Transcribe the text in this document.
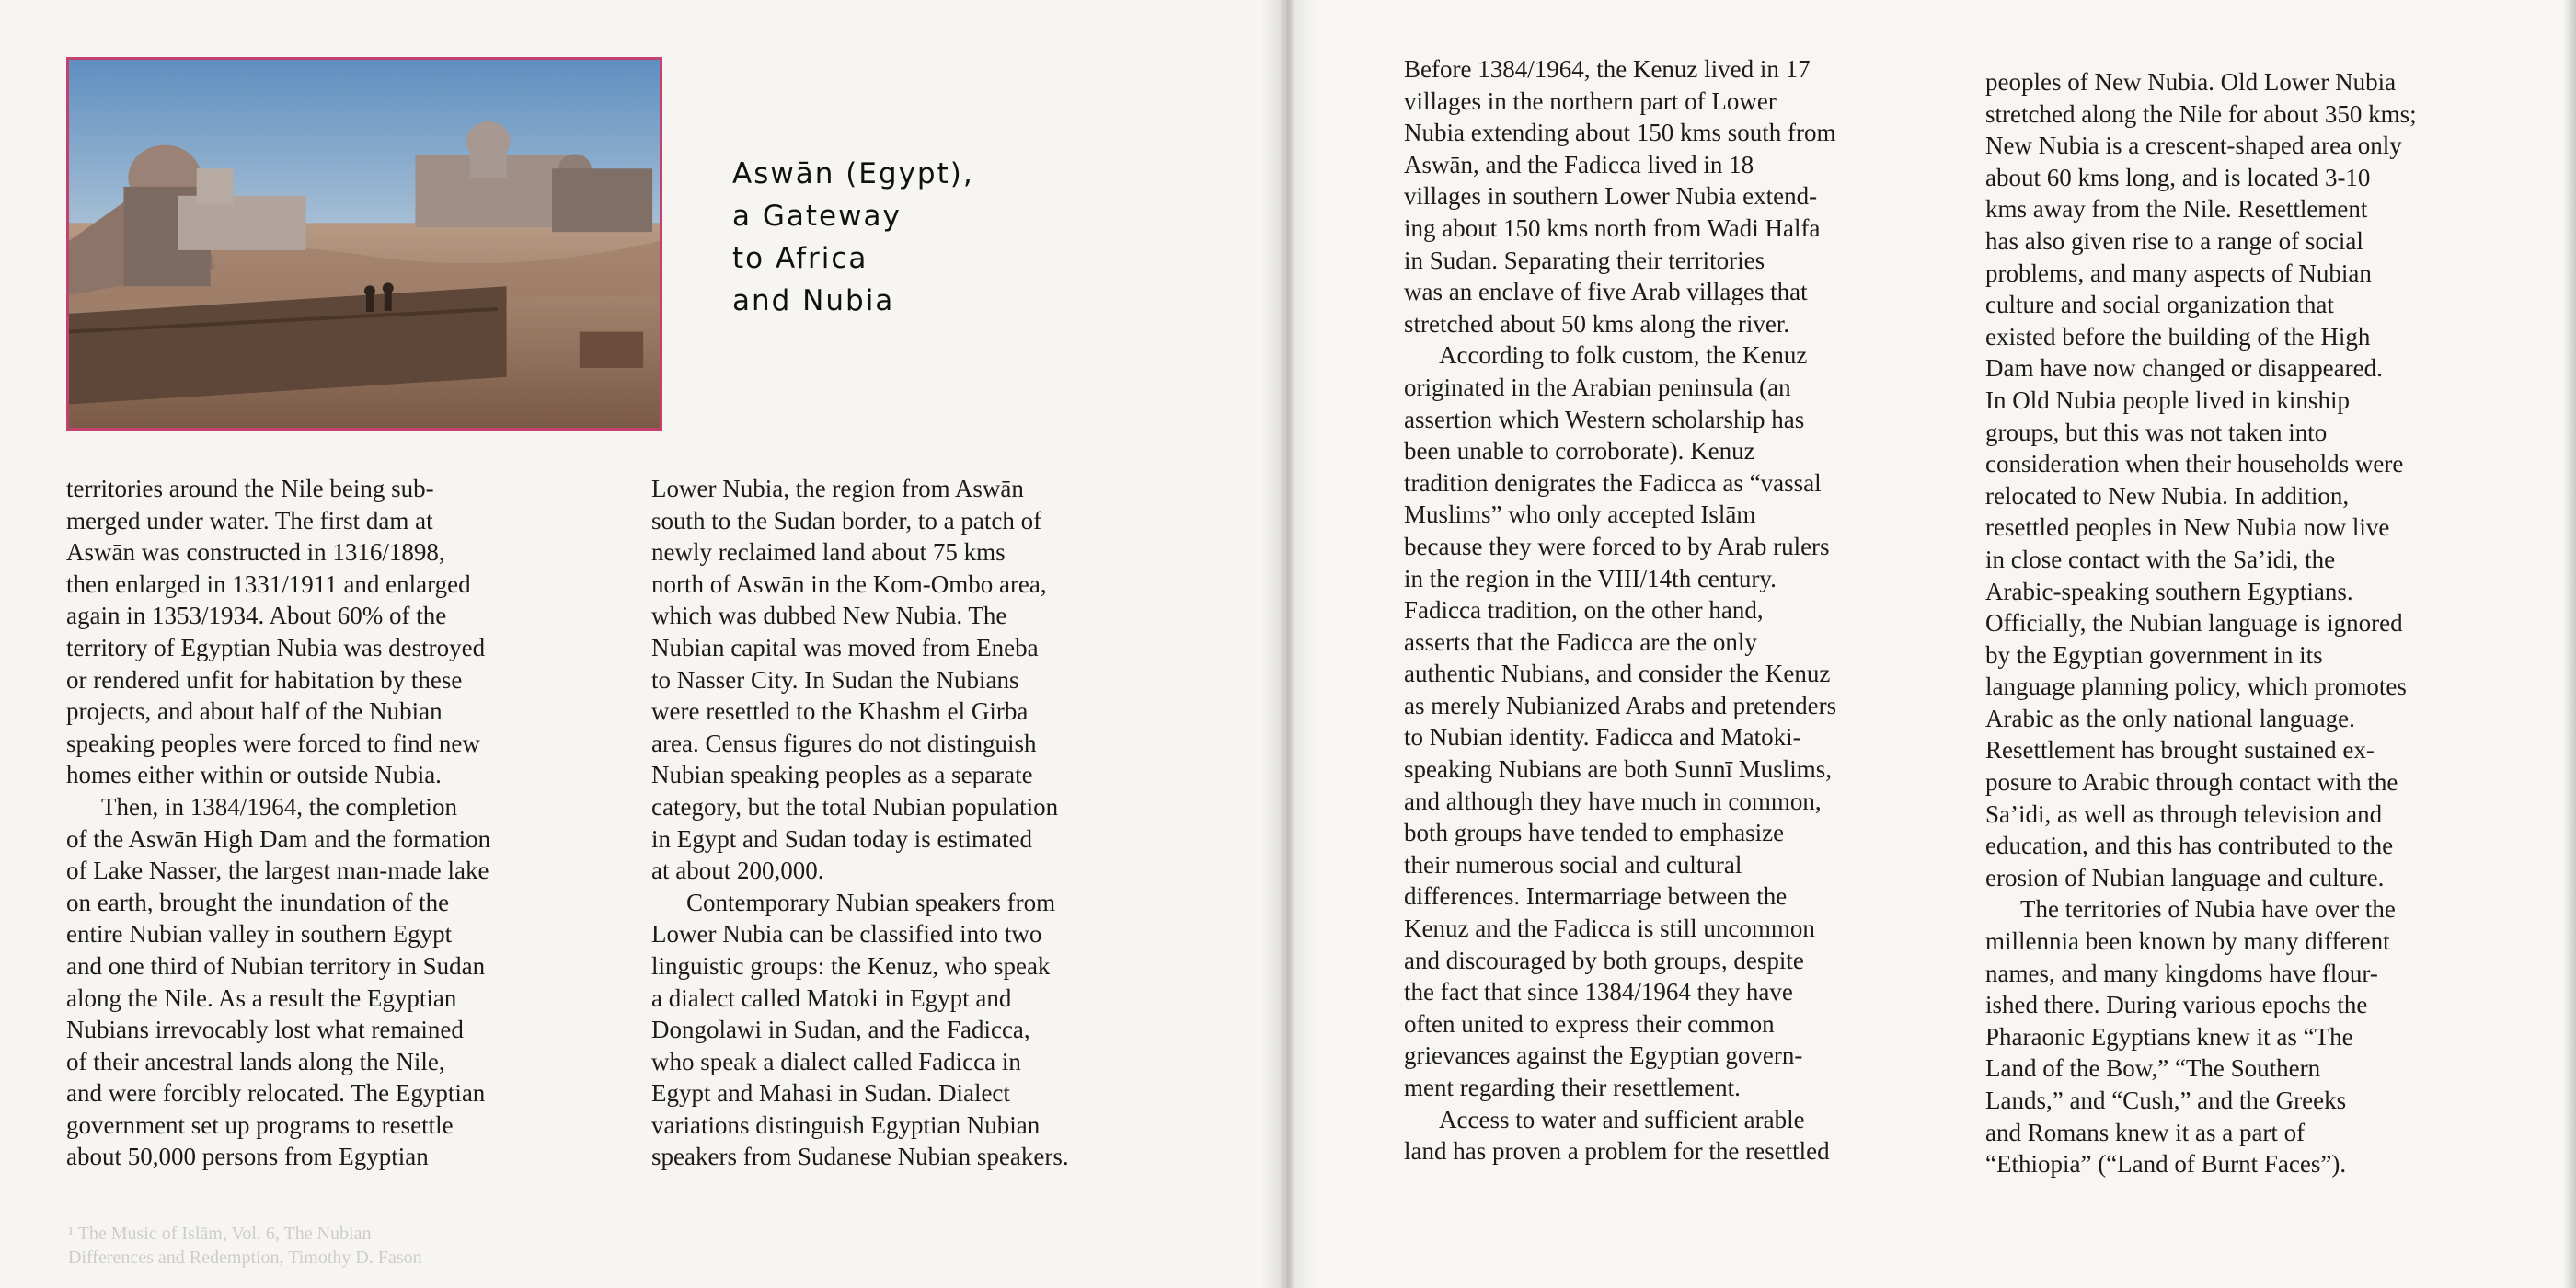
Aswān (Egypt),
a Gateway
to Africa
and Nubia
territories around the Nile being sub-
merged under water. The first dam at
Aswān was constructed in 1316/1898,
then enlarged in 1331/1911 and enlarged
again in 1353/1934. About 60% of the
territory of Egyptian Nubia was destroyed
or rendered unfit for habitation by these
projects, and about half of the Nubian
speaking peoples were forced to find new
homes either within or outside Nubia.
Then, in 1384/1964, the completion
of the Aswān High Dam and the formation
of Lake Nasser, the largest man-made lake
on earth, brought the inundation of the
entire Nubian valley in southern Egypt
and one third of Nubian territory in Sudan
along the Nile. As a result the Egyptian
Nubians irrevocably lost what remained
of their ancestral lands along the Nile,
and were forcibly relocated. The Egyptian
government set up programs to resettle
about 50,000 persons from Egyptian
Lower Nubia, the region from Aswān
south to the Sudan border, to a patch of
newly reclaimed land about 75 kms
north of Aswān in the Kom-Ombo area,
which was dubbed New Nubia. The
Nubian capital was moved from Eneba
to Nasser City. In Sudan the Nubians
were resettled to the Khashm el Girba
area. Census figures do not distinguish
Nubian speaking peoples as a separate
category, but the total Nubian population
in Egypt and Sudan today is estimated
at about 200,000.
Contemporary Nubian speakers from
Lower Nubia can be classified into two
linguistic groups: the Kenuz, who speak
a dialect called Matoki in Egypt and
Dongolawi in Sudan, and the Fadicca,
who speak a dialect called Fadicca in
Egypt and Mahasi in Sudan. Dialect
variations distinguish Egyptian Nubian
speakers from Sudanese Nubian speakers.
¹ The Music of Islām, Vol. 6, The Nubian
Differences and Redemption, Timothy D. Fason
Before 1384/1964, the Kenuz lived in 17
villages in the northern part of Lower
Nubia extending about 150 kms south from
Aswān, and the Fadicca lived in 18
villages in southern Lower Nubia extend-
ing about 150 kms north from Wadi Halfa
in Sudan. Separating their territories
was an enclave of five Arab villages that
stretched about 50 kms along the river.
According to folk custom, the Kenuz
originated in the Arabian peninsula (an
assertion which Western scholarship has
been unable to corroborate). Kenuz
tradition denigrates the Fadicca as “vassal
Muslims” who only accepted Islām
because they were forced to by Arab rulers
in the region in the VIII/14th century.
Fadicca tradition, on the other hand,
asserts that the Fadicca are the only
authentic Nubians, and consider the Kenuz
as merely Nubianized Arabs and pretenders
to Nubian identity. Fadicca and Matoki-
speaking Nubians are both Sunnī Muslims,
and although they have much in common,
both groups have tended to emphasize
their numerous social and cultural
differences. Intermarriage between the
Kenuz and the Fadicca is still uncommon
and discouraged by both groups, despite
the fact that since 1384/1964 they have
often united to express their common
grievances against the Egyptian govern-
ment regarding their resettlement.
Access to water and sufficient arable
land has proven a problem for the resettled
peoples of New Nubia. Old Lower Nubia
stretched along the Nile for about 350 kms;
New Nubia is a crescent-shaped area only
about 60 kms long, and is located 3-10
kms away from the Nile. Resettlement
has also given rise to a range of social
problems, and many aspects of Nubian
culture and social organization that
existed before the building of the High
Dam have now changed or disappeared.
In Old Nubia people lived in kinship
groups, but this was not taken into
consideration when their households were
relocated to New Nubia. In addition,
resettled peoples in New Nubia now live
in close contact with the Sa’idi, the
Arabic-speaking southern Egyptians.
Officially, the Nubian language is ignored
by the Egyptian government in its
language planning policy, which promotes
Arabic as the only national language.
Resettlement has brought sustained ex-
posure to Arabic through contact with the
Sa’idi, as well as through television and
education, and this has contributed to the
erosion of Nubian language and culture.
The territories of Nubia have over the
millennia been known by many different
names, and many kingdoms have flour-
ished there. During various epochs the
Pharaonic Egyptians knew it as “The
Land of the Bow,” “The Southern
Lands,” and “Cush,” and the Greeks
and Romans knew it as a part of
“Ethiopia” (“Land of Burnt Faces”).
